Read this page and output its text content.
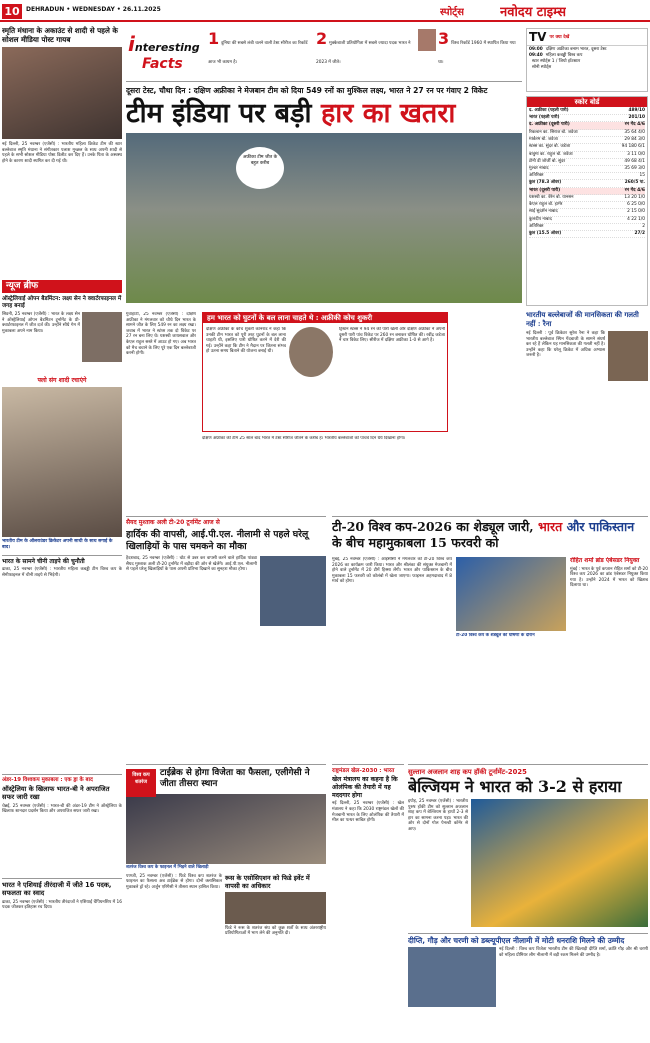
10	DEHRADUN • WEDNESDAY • 26.11.2025	स्पोर्ट्स	नवोदय टाइम्स
स्मृति मंधाना के अकाउंट से शादी से पहले के सोशल मीडिया पोस्ट गायब
नई दिल्ली, 25 नवम्बर (एजेंसी) : भारतीय महिला क्रिकेट टीम की स्टार बल्लेबाज स्मृति मंधाना ने संगीतकार पलाश मुच्छल के साथ अपनी शादी से पहले के सभी सोशल मीडिया पोस्ट डिलीट कर दिए हैं। उनके पिता के अस्वस्थ होने के कारण शादी स्थगित कर दी गई थी।
interesting
Facts
1 दुनिया की सबसे लंबी चलने वाली टेस्ट सीरीज का रिकॉर्ड आज भी कायम है।
2 मुक्केबाजी प्रतियोगिता में सबसे ज्यादा पदक भारत ने 2023 में जीते।
3 विश्व रिकॉर्ड 1960 में स्थापित किया गया था।
TV पर क्या देखें
09:00 दक्षिण अफ्रीका बनाम भारत, दूसरा टेस्ट
09:40 महिला कबड्डी विश्व कप
स्टार स्पोर्ट्स 1 / जियो हॉटस्टार
सोनी स्पोर्ट्स
दूसरा टेस्ट, चौथा दिन : दक्षिण अफ्रीका ने मेजबान टीम को दिया 549 रनों का मुश्किल लक्ष्य, भारत ने 27 रन पर गंवाए 2 विकेट
टीम इंडिया पर बड़ी हार का खतरा
अफ्रीका टीम जीत के बहुत करीब
स्कोर बोर्ड
द. अफ्रीका (पहली पारी)	489/10
भारत (पहली पारी)	201/10
द. अफ्रीका (दूसरी पारी)	रन गेंद 4/6
रिकल्टन का. सिराज बो. जडेजा	35 64 4/0
मार्करम बो. जडेजा	29 84 3/0
स्टब्स का. सुंदर बो. जडेजा	94 180 6/1
बावुमा का. राहुल बो. जडेजा	3 11 0/0
टोनी डी जोर्जी बो. सुंदर	49 68 4/1
मुल्डर नाबाद	35 69 3/0
अतिरिक्त	15
कुल (78.3 ओवर)	260/5 पा.
भारत (दूसरी पारी)	रन गेंद 4/6
यशस्वी का. वेरेन बो. यानसन	13 20 1/0
केएल राहुल बो. हार्मर	6 25 0/0
साई सुदर्शन नाबाद	2 15 0/0
कुलदीप नाबाद	4 22 1/0
अतिरिक्त	2
कुल (15.5 ओवर)	27/2
न्यूज ब्रीफ
ऑस्ट्रेलियाई ओपन बैडमिंटन: लक्ष्य सेन ने क्वार्टरफाइनल में जगह बनाई
सिडनी, 25 नवम्बर (एजेंसी) : भारत के लक्ष्य सेन ने ऑस्ट्रेलियाई ओपन बैडमिंटन टूर्नामेंट के प्री-क्वार्टरफाइनल में जीत दर्ज की। उन्होंने सीधे गेम में मुकाबला अपने नाम किया।
फ्लो संग शादी रचाएंगे
भारतीय टीम के ऑलराउंडर क्रिकेटर अपनी साथी के साथ सगाई के बाद।
भारत के सामने चीनी ताइपे की चुनौती
ढाका, 25 नवम्बर (एजेंसी) : भारतीय महिला कबड्डी टीम विश्व कप के सेमीफाइनल में चीनी ताइपे से भिड़ेगी।
गुवाहाटी, 25 नवम्बर (एजेंसी) : दक्षिण अफ्रीका ने मंगलवार को चौथे दिन भारत के सामने जीत के लिए 549 रन का लक्ष्य रखा। जवाब में भारत ने स्टंप्स तक दो विकेट पर 27 रन बना लिए थे। यशस्वी जायसवाल और केएल राहुल सस्ते में आउट हो गए। अब भारत को मैच बचाने के लिए पूरे एक दिन बल्लेबाजी करनी होगी।
हम भारत को घुटनों के बल लाना चाहते थे : अफ्रीकी कोच शुकरी
दक्षिण अफ्रीका के कोच शुकरी कॉनराड ने कहा कि उनकी टीम भारत को पूरी तरह घुटनों के बल लाना चाहती थी, इसलिए पारी घोषित करने में देरी की गई। उन्होंने कहा कि टीम ने मैदान पर जितना संभव हो उतना समय बिताने की योजना बनाई थी।
ट्रिस्टन स्टब्स ने 94 रन की पारी खेली और दक्षिण अफ्रीका ने अपनी दूसरी पारी पांच विकेट पर 260 रन बनाकर घोषित की। रवींद्र जडेजा ने चार विकेट लिए। सीरीज में दक्षिण अफ्रीका 1-0 से आगे है।
दक्षिण अफ्रीका की टीम 25 साल बाद भारत में टेस्ट सीरीज जीतने के करीब है। भारतीय बल्लेबाजों को पांचवें दिन धैर्य दिखाना होगा।
भारतीय बल्लेबाजों की मानसिकता की गलती नहीं : रैना
नई दिल्ली : पूर्व क्रिकेटर सुरेश रैना ने कहा कि भारतीय बल्लेबाज स्पिन गेंदबाजी के सामने संघर्ष कर रहे हैं लेकिन यह मानसिकता की गलती नहीं है। उन्होंने कहा कि घरेलू क्रिकेट में अधिक अभ्यास जरूरी है।
सैयद मुश्ताक अली टी-20 टूर्नामेंट आज से
हार्दिक की वापसी, आई.पी.एल. नीलामी से पहले घरेलू खिलाड़ियों के पास चमकने का मौका
हैदराबाद, 25 नवम्बर (एजेंसी) : चोट से उबर कर वापसी करने वाले हार्दिक पांड्या सैयद मुश्ताक अली टी-20 टूर्नामेंट में बड़ौदा की ओर से खेलेंगे। आई.पी.एल. नीलामी से पहले घरेलू खिलाड़ियों के पास अपनी प्रतिभा दिखाने का सुनहरा मौका होगा।
टी-20 विश्व कप-2026 का शेड्यूल जारी, भारत और पाकिस्तान के बीच महामुकाबला 15 फरवरी को
मुंबई, 25 नवम्बर (एजेंसी) : आईसीसी ने मंगलवार को टी-20 विश्व कप 2026 का कार्यक्रम जारी किया। भारत और श्रीलंका की संयुक्त मेजबानी में होने वाले टूर्नामेंट में 20 टीमें हिस्सा लेंगी। भारत और पाकिस्तान के बीच मुकाबला 15 फरवरी को कोलंबो में खेला जाएगा। फाइनल अहमदाबाद में 8 मार्च को होगा।
टी-20 विश्व कप के शेड्यूल की घोषणा के दौरान
रोहित शर्मा ब्रांड एंबेसडर नियुक्त
मुंबई : भारत के पूर्व कप्तान रोहित शर्मा को टी-20 विश्व कप 2026 का ब्रांड एंबेसडर नियुक्त किया गया है। उन्होंने 2024 में भारत को खिताब दिलाया था।
अंडर-19 विश्वकप मुकाबला : एक ड्रा के बाद
ऑस्ट्रेलिया के खिलाफ भारत-बी ने अपराजित सफर जारी रखा
चेन्नई, 25 नवम्बर (एजेंसी) : भारत-बी की अंडर-19 टीम ने ऑस्ट्रेलिया के खिलाफ शानदार प्रदर्शन किया और अपराजित सफर जारी रखा।
भारत ने एशियाई तीरंदाजी में जीते 16 पदक, सफलता का स्वाद
ढाका, 25 नवम्बर (एजेंसी) : भारतीय तीरंदाजों ने एशियाई चैंपियनशिप में 16 पदक जीतकर इतिहास रच दिया।
विश्व कप शतरंज
टाईब्रेक से होगा विजेता का फैसला, एलीगेसी ने जीता तीसरा स्थान
शतरंज विश्व कप के फाइनल में भिड़ने वाले खिलाड़ी
पणजी, 25 नवम्बर (एजेंसी) : फिडे विश्व कप शतरंज के फाइनल का फैसला अब टाईब्रेक से होगा। दोनों क्लासिकल मुकाबले ड्रॉ रहे। अर्जुन एरिगैसी ने तीसरा स्थान हासिल किया।
रूस के एसोसिएशन को फिडे इवेंट में वापसी का अधिकार
फिडे ने रूस के शतरंज संघ को कुछ शर्तों के साथ अंतरराष्ट्रीय प्रतियोगिताओं में भाग लेने की अनुमति दी।
राष्ट्रमंडल खेल-2030 : भारत
खेल मंत्रालय का कहना है कि ओलंपिक की तैयारी में यह मददगार होगा
नई दिल्ली, 25 नवम्बर (एजेंसी) : खेल मंत्रालय ने कहा कि 2030 राष्ट्रमंडल खेलों की मेजबानी भारत के लिए ओलंपिक की तैयारी में मील का पत्थर साबित होगी।
सुल्तान अजलान शाह कप हॉकी टूर्नामेंट-2025
बेल्जियम ने भारत को 3-2 से हराया
इपोह, 25 नवम्बर (एजेंसी) : भारतीय पुरुष हॉकी टीम को सुल्तान अजलान शाह कप में बेल्जियम के हाथों 2-3 से हार का सामना करना पड़ा। भारत की ओर से दोनों गोल पेनल्टी कॉर्नर से आए।
दीप्ति, गौड़ और चरणी को डब्ल्यूपीएल नीलामी में मोटी धनराशि मिलने की उम्मीद
नई दिल्ली : विश्व कप विजेता भारतीय टीम की खिलाड़ी दीप्ति शर्मा, क्रांति गौड़ और श्री चरणी को महिला प्रीमियर लीग नीलामी में बड़ी रकम मिलने की उम्मीद है।
